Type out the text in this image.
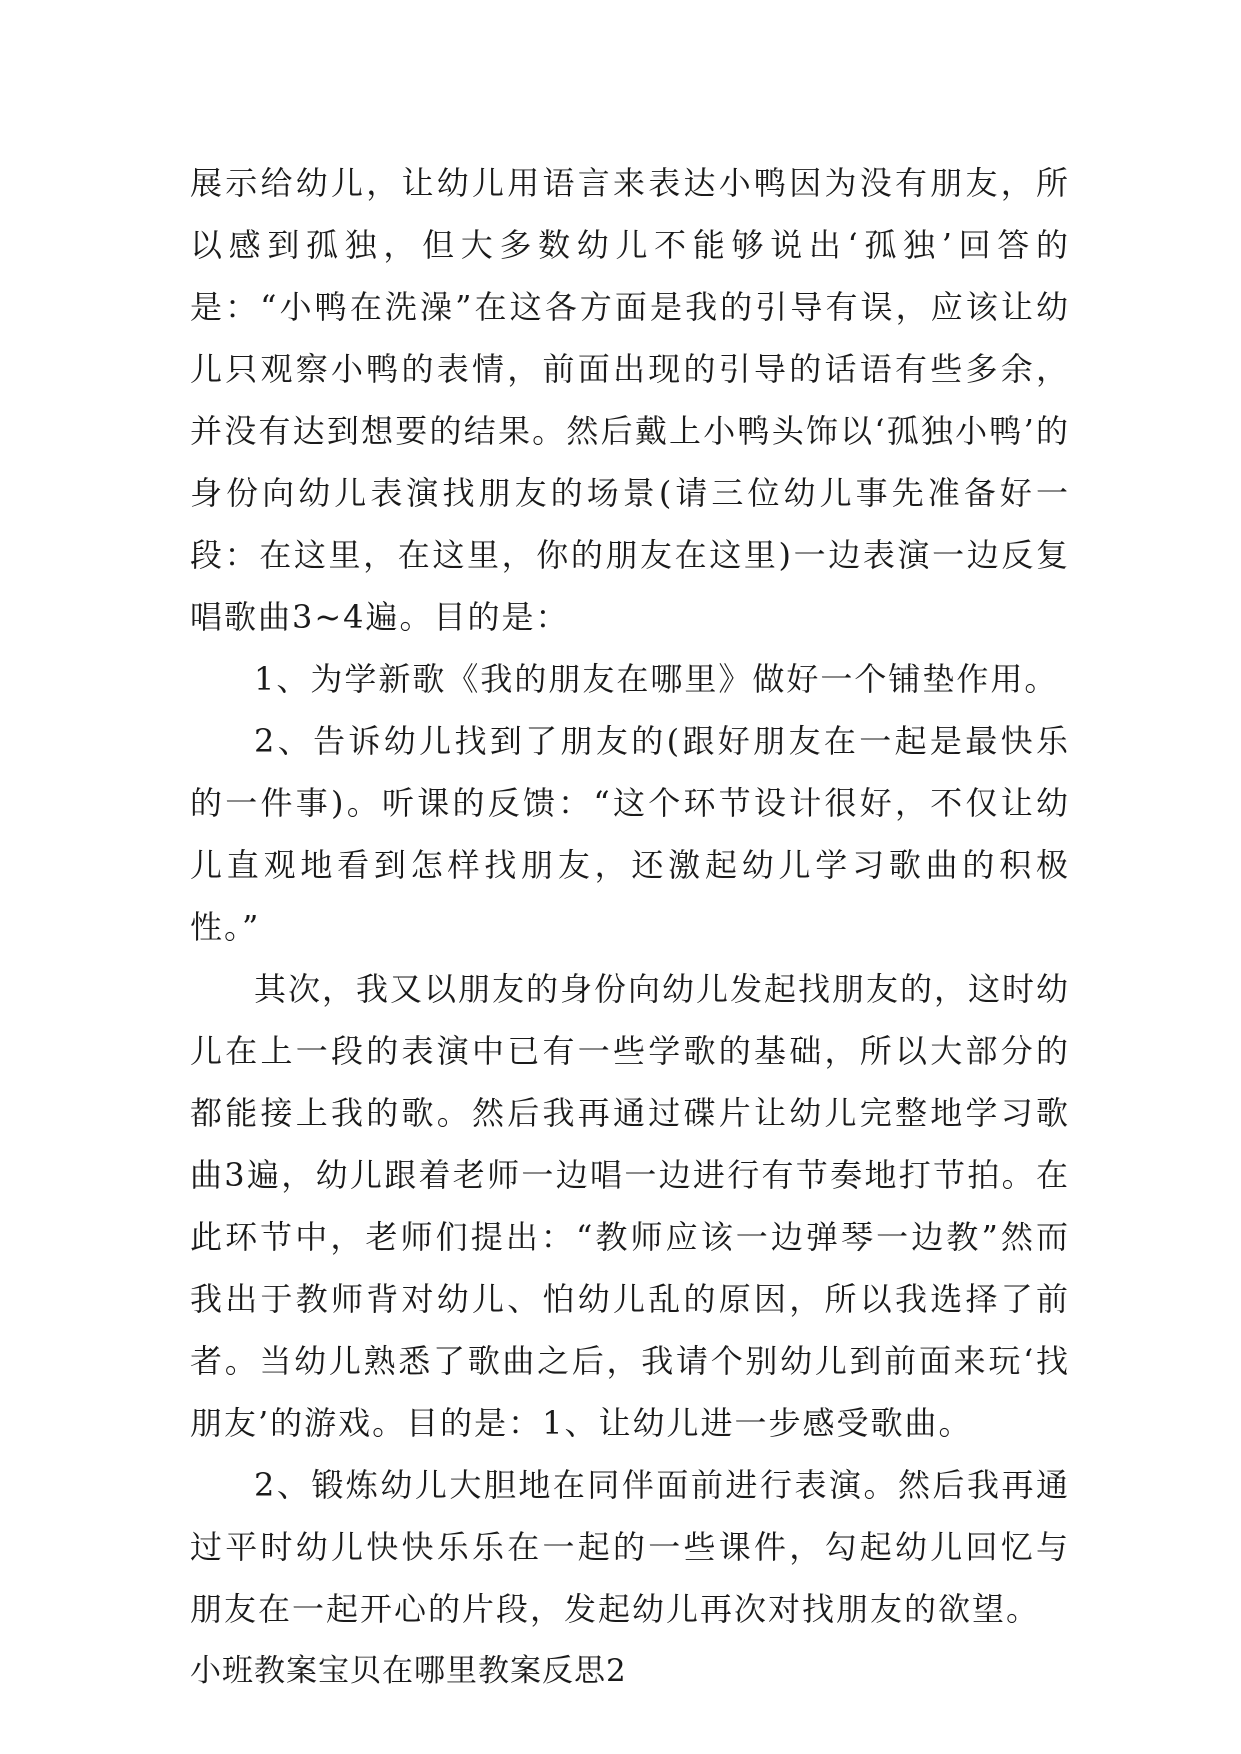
展示给幼儿，让幼儿用语言来表达小鸭因为没有朋友，所以感到孤独，但大多数幼儿不能够说出‘孤独’回答的是：“小鸭在洗澡”在这各方面是我的引导有误，应该让幼儿只观察小鸭的表情，前面出现的引导的话语有些多余，并没有达到想要的结果。然后戴上小鸭头饰以‘孤独小鸭’的身份向幼儿表演找朋友的场景(请三位幼儿事先准备好一段：在这里，在这里，你的朋友在这里)一边表演一边反复唱歌曲3~4遍。目的是：

1、为学新歌《我的朋友在哪里》做好一个铺垫作用。

2、告诉幼儿找到了朋友的(跟好朋友在一起是最快乐的一件事)。听课的反馈：“这个环节设计很好，不仅让幼儿直观地看到怎样找朋友，还激起幼儿学习歌曲的积极性。”

其次，我又以朋友的身份向幼儿发起找朋友的，这时幼儿在上一段的表演中已有一些学歌的基础，所以大部分的都能接上我的歌。然后我再通过碟片让幼儿完整地学习歌曲3遍，幼儿跟着老师一边唱一边进行有节奏地打节拍。在此环节中，老师们提出：“教师应该一边弹琴一边教”然而我出于教师背对幼儿、怕幼儿乱的原因，所以我选择了前者。当幼儿熟悉了歌曲之后，我请个别幼儿到前面来玩‘找朋友’的游戏。目的是：1、让幼儿进一步感受歌曲。

2、锻炼幼儿大胆地在同伴面前进行表演。然后我再通过平时幼儿快快乐乐在一起的一些课件，勾起幼儿回忆与朋友在一起开心的片段，发起幼儿再次对找朋友的欲望。

小班教案宝贝在哪里教案反思2
